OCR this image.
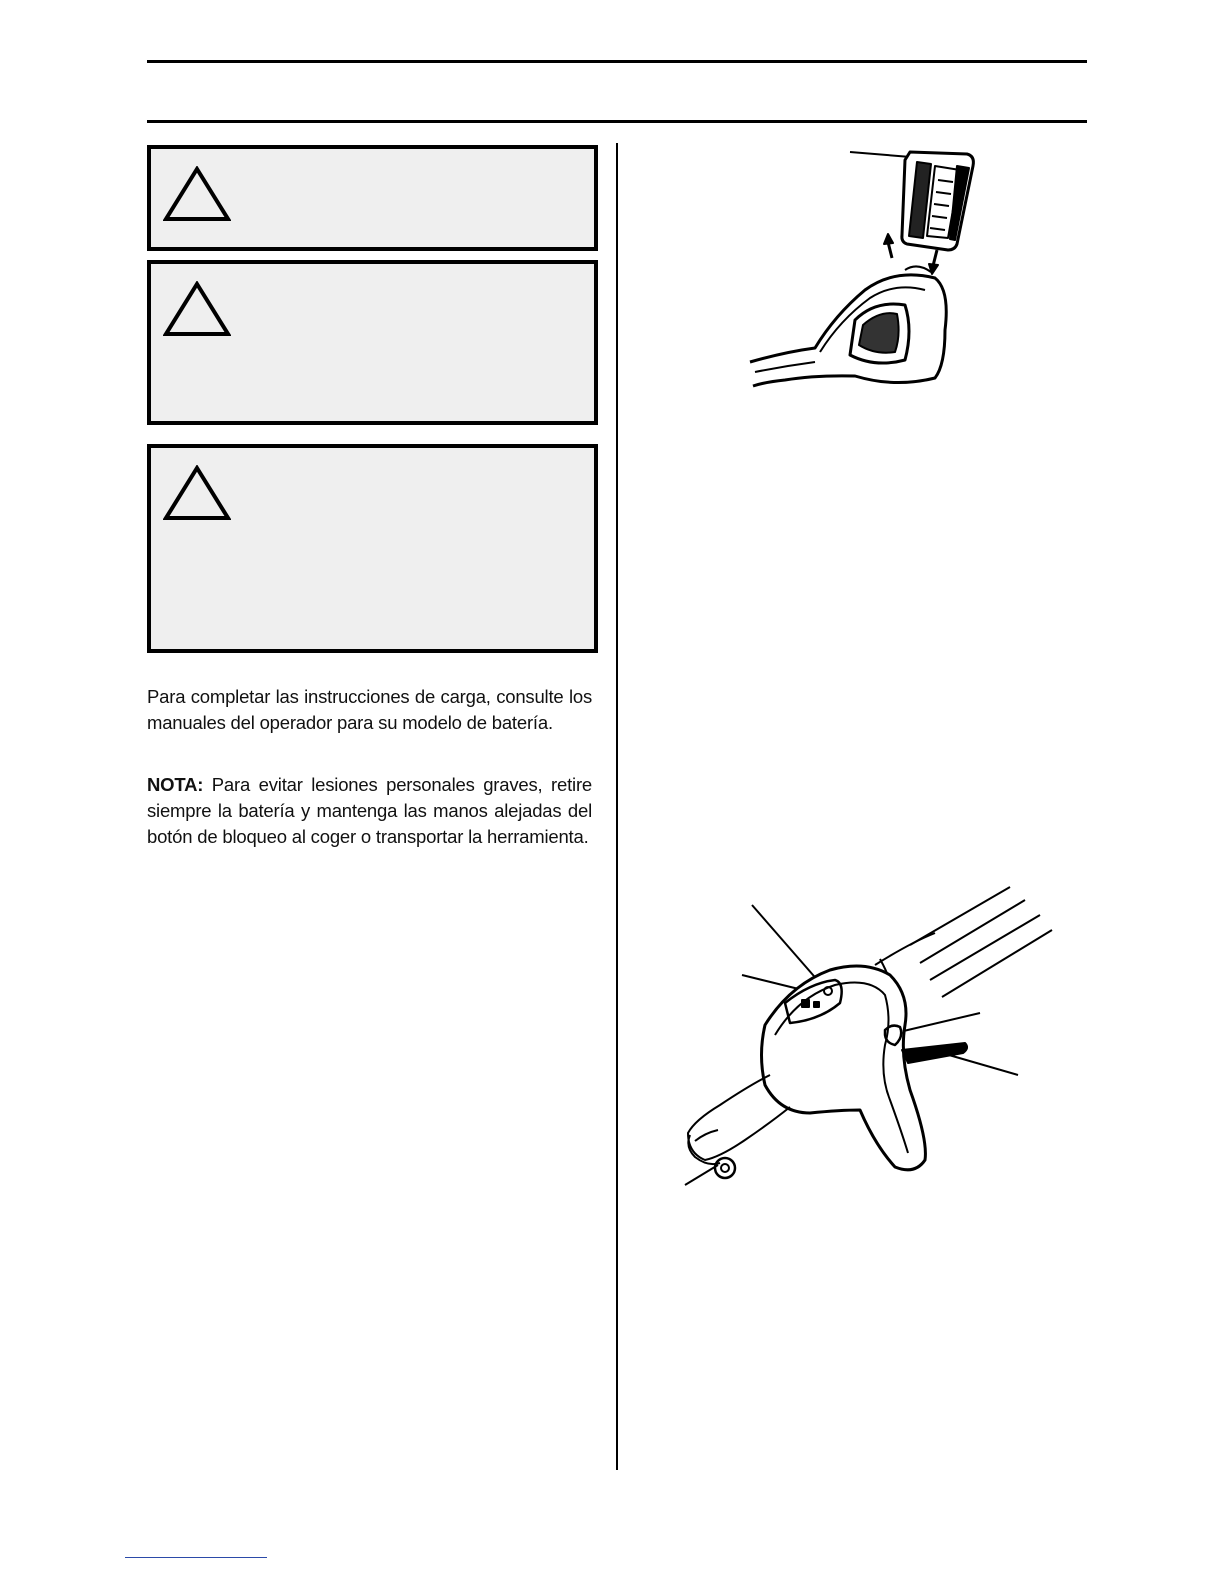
Para completar las instrucciones de carga, consulte los manuales del operador para su modelo de batería.

NOTA: Para evitar lesiones personales graves, retire siempre la batería y mantenga las manos alejadas del botón de bloqueo al coger o transportar la herramienta.
